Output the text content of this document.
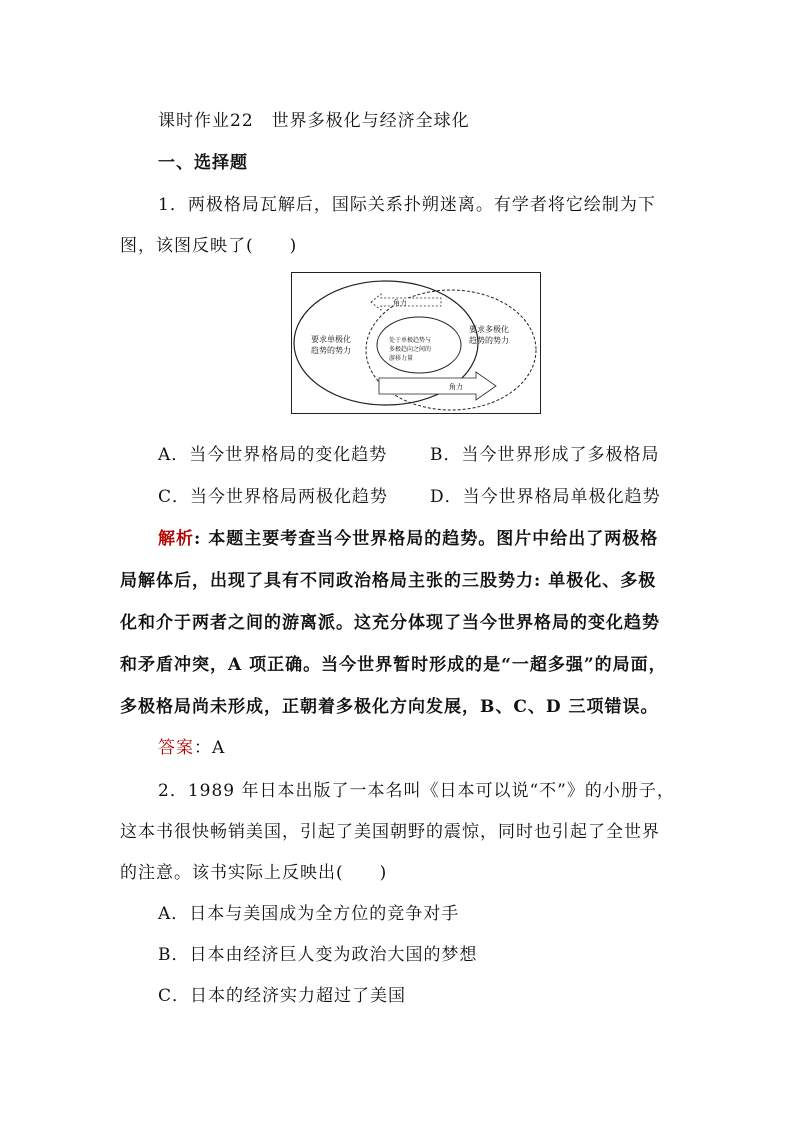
课时作业22　世界多极化与经济全球化
一、选择题
1．两极格局瓦解后，国际关系扑朔迷离。有学者将它绘制为下
图，该图反映了(　　)
角力
角力
要求单极化
趋势的势力
要求多极化
趋势的势力
处于单极趋势与
多极趋向之间的
游移力量
A．当今世界格局的变化趋势	B．当今世界形成了多极格局
C．当今世界格局两极化趋势 D．当今世界格局单极化趋势
解析: 本题主要考查当今世界格局的趋势。图片中给出了两极格
局解体后，出现了具有不同政治格局主张的三股势力: 单极化、多极
化和介于两者之间的游离派。这充分体现了当今世界格局的变化趋势
和矛盾冲突，A 项正确。当今世界暂时形成的是“一超多强”的局面，
多极格局尚未形成，正朝着多极化方向发展，B、C、D 三项错误。
答案：A
2．1989 年日本出版了一本名叫《日本可以说“不”》的小册子，
这本书很快畅销美国，引起了美国朝野的震惊，同时也引起了全世界
的注意。该书实际上反映出(　　)
A．日本与美国成为全方位的竞争对手
B．日本由经济巨人变为政治大国的梦想
C．日本的经济实力超过了美国
